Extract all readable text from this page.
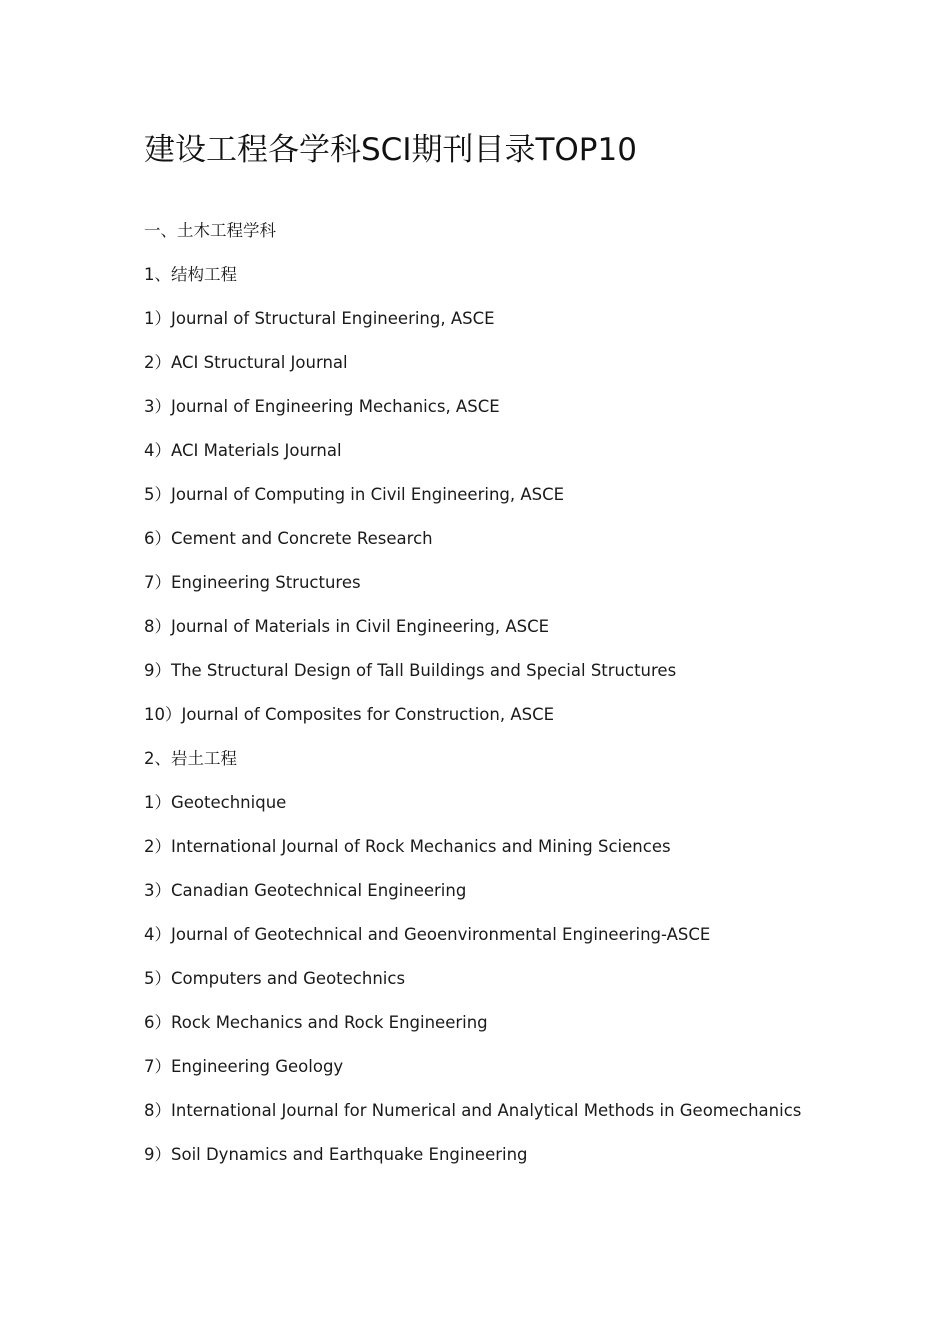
建设工程各学科SCI期刊目录TOP10
一、土木工程学科
1、结构工程
1）Journal of Structural Engineering, ASCE
2）ACI Structural Journal
3）Journal of Engineering Mechanics, ASCE
4）ACI Materials Journal
5）Journal of Computing in Civil Engineering, ASCE
6）Cement and Concrete Research
7）Engineering Structures
8）Journal of Materials in Civil Engineering, ASCE
9）The Structural Design of Tall Buildings and Special Structures
10）Journal of Composites for Construction, ASCE
2、岩土工程
1）Geotechnique
2）International Journal of Rock Mechanics and Mining Sciences
3）Canadian Geotechnical Engineering
4）Journal of Geotechnical and Geoenvironmental Engineering-ASCE
5）Computers and Geotechnics
6）Rock Mechanics and Rock Engineering
7）Engineering Geology
8）International Journal for Numerical and Analytical Methods in Geomechanics
9）Soil Dynamics and Earthquake Engineering
